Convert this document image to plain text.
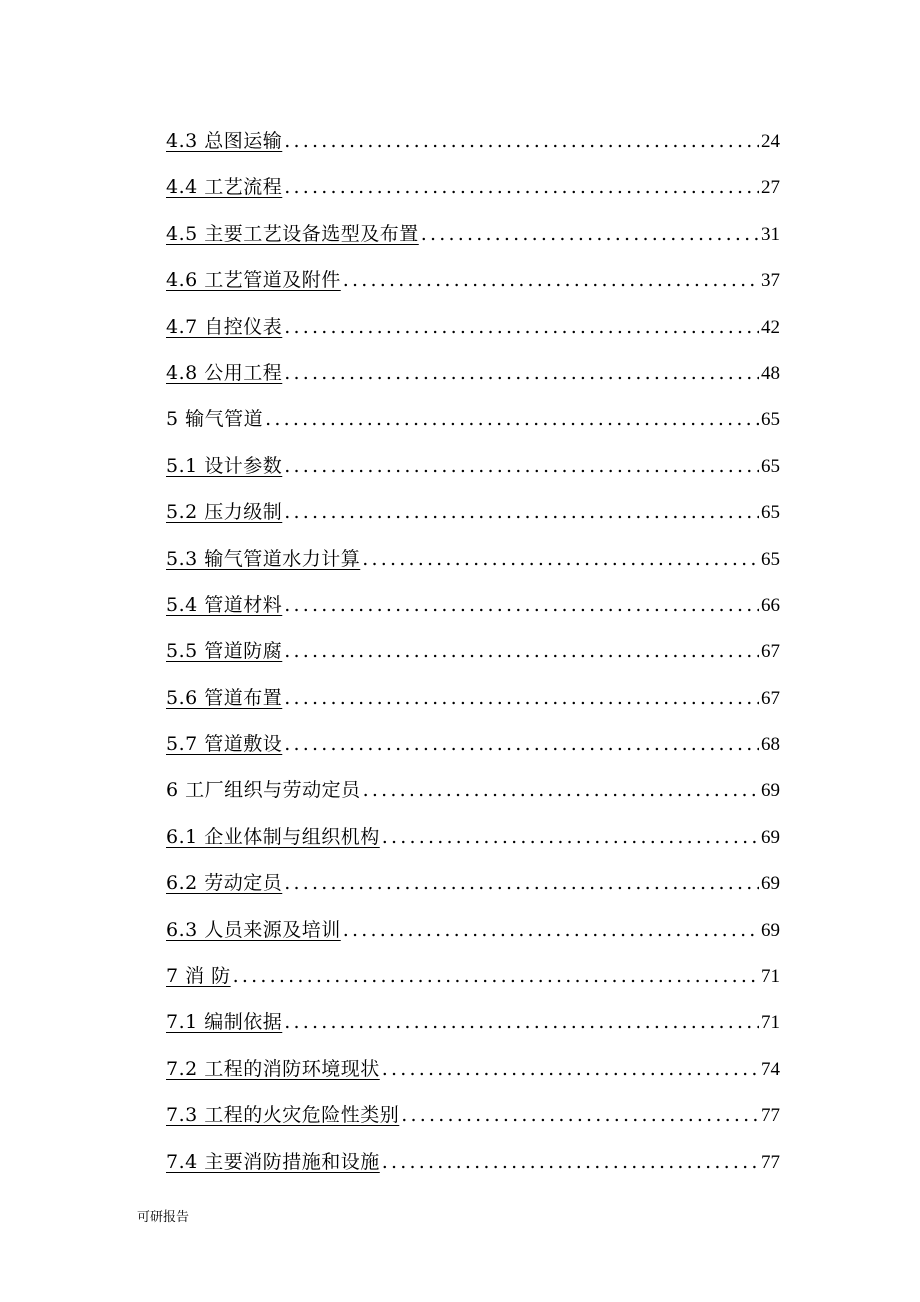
4.3 总图运输 .....	24
4.4 工艺流程 .....	27
4.5 主要工艺设备选型及布置 .....	31
4.6 工艺管道及附件 .....	37
4.7 自控仪表 .....	42
4.8 公用工程 .....	48
5 输气管道 .....	65
5.1 设计参数 .....	65
5.2 压力级制 .....	65
5.3 输气管道水力计算 .....	65
5.4 管道材料 .....	66
5.5 管道防腐 .....	67
5.6 管道布置 .....	67
5.7 管道敷设 .....	68
6 工厂组织与劳动定员 .....	69
6.1 企业体制与组织机构 .....	69
6.2 劳动定员 .....	69
6.3 人员来源及培训 .....	69
7 消 防 .....	71
7.1 编制依据 .....	71
7.2 工程的消防环境现状 .....	74
7.3 工程的火灾危险性类别 .....	77
7.4 主要消防措施和设施 .....	77
可研报告
